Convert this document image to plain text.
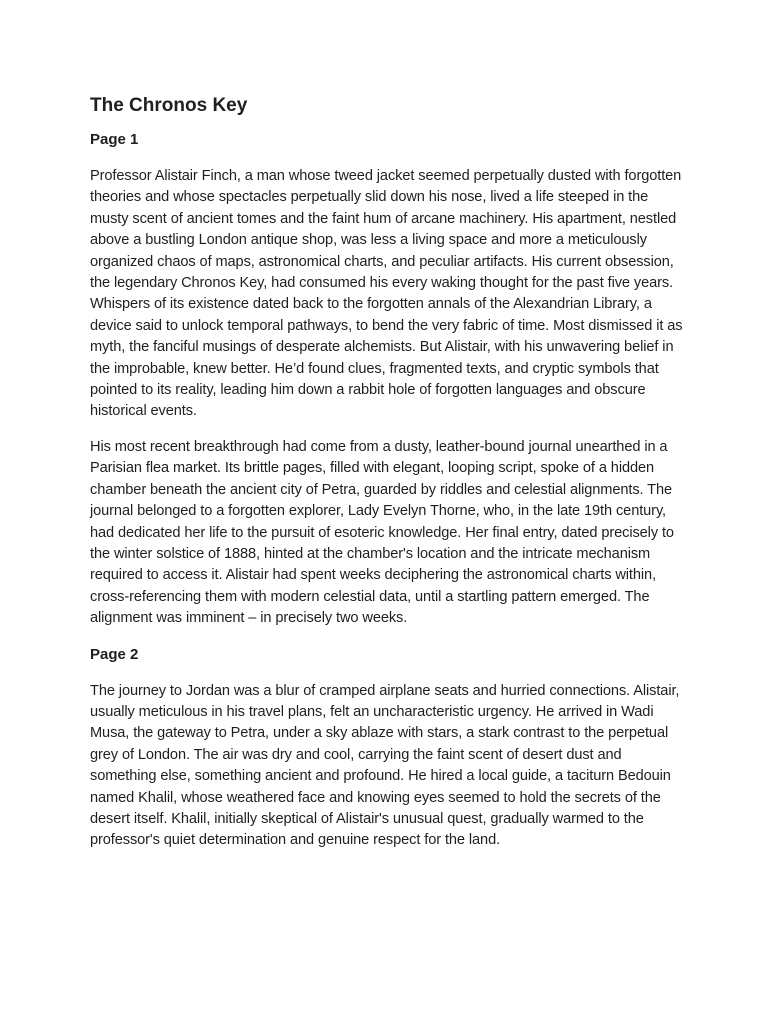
The Chronos Key
Page 1

Professor Alistair Finch, a man whose tweed jacket seemed perpetually dusted with forgotten theories and whose spectacles perpetually slid down his nose, lived a life steeped in the musty scent of ancient tomes and the faint hum of arcane machinery. His apartment, nestled above a bustling London antique shop, was less a living space and more a meticulously organized chaos of maps, astronomical charts, and peculiar artifacts. His current obsession, the legendary Chronos Key, had consumed his every waking thought for the past five years. Whispers of its existence dated back to the forgotten annals of the Alexandrian Library, a device said to unlock temporal pathways, to bend the very fabric of time. Most dismissed it as myth, the fanciful musings of desperate alchemists. But Alistair, with his unwavering belief in the improbable, knew better. He’d found clues, fragmented texts, and cryptic symbols that pointed to its reality, leading him down a rabbit hole of forgotten languages and obscure historical events.

His most recent breakthrough had come from a dusty, leather-bound journal unearthed in a Parisian flea market. Its brittle pages, filled with elegant, looping script, spoke of a hidden chamber beneath the ancient city of Petra, guarded by riddles and celestial alignments. The journal belonged to a forgotten explorer, Lady Evelyn Thorne, who, in the late 19th century, had dedicated her life to the pursuit of esoteric knowledge. Her final entry, dated precisely to the winter solstice of 1888, hinted at the chamber's location and the intricate mechanism required to access it. Alistair had spent weeks deciphering the astronomical charts within, cross-referencing them with modern celestial data, until a startling pattern emerged. The alignment was imminent – in precisely two weeks.

Page 2

The journey to Jordan was a blur of cramped airplane seats and hurried connections. Alistair, usually meticulous in his travel plans, felt an uncharacteristic urgency. He arrived in Wadi Musa, the gateway to Petra, under a sky ablaze with stars, a stark contrast to the perpetual grey of London. The air was dry and cool, carrying the faint scent of desert dust and something else, something ancient and profound. He hired a local guide, a taciturn Bedouin named Khalil, whose weathered face and knowing eyes seemed to hold the secrets of the desert itself. Khalil, initially skeptical of Alistair's unusual quest, gradually warmed to the professor's quiet determination and genuine respect for the land.
